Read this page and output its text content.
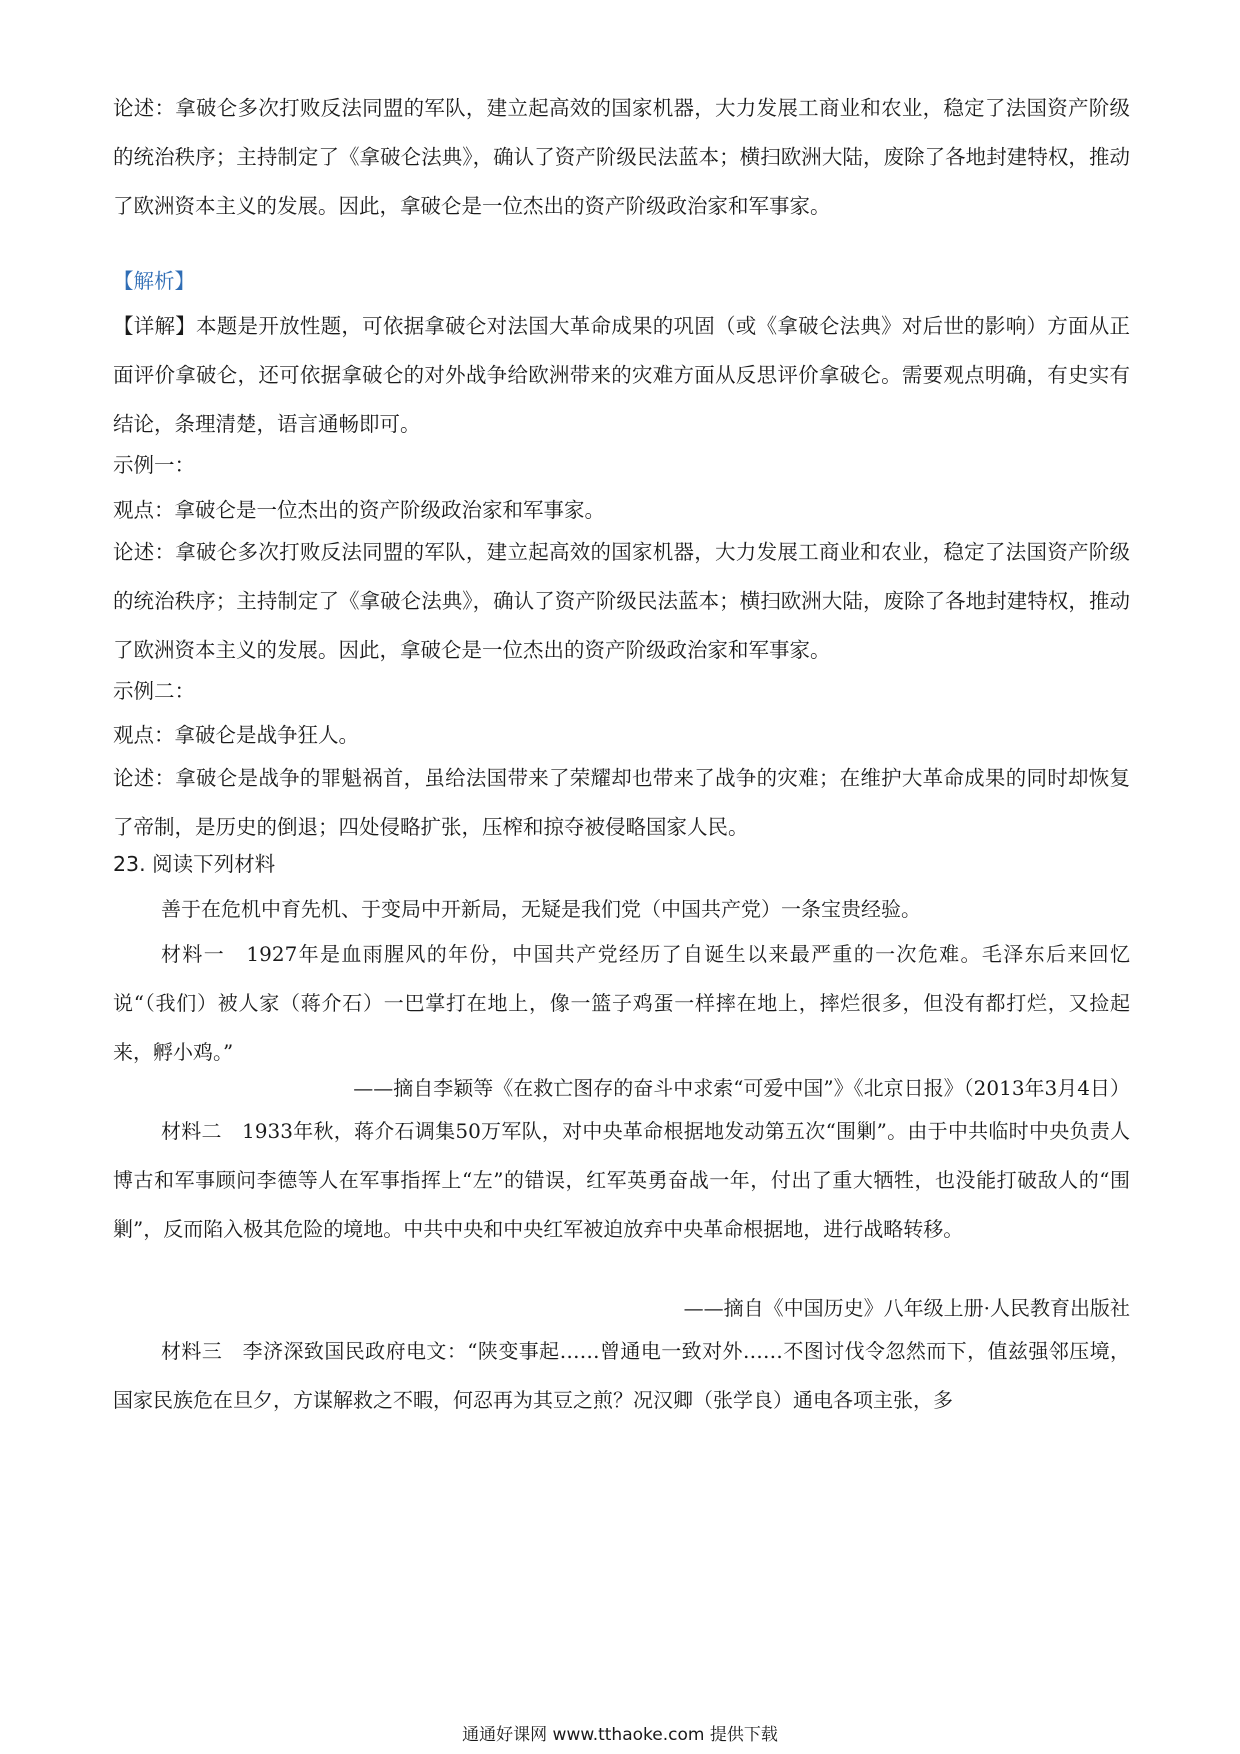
论述：拿破仑多次打败反法同盟的军队，建立起高效的国家机器，大力发展工商业和农业，稳定了法国资产阶级的统治秩序；主持制定了《拿破仑法典》，确认了资产阶级民法蓝本；横扫欧洲大陆，废除了各地封建特权，推动了欧洲资本主义的发展。因此，拿破仑是一位杰出的资产阶级政治家和军事家。

【解析】

【详解】本题是开放性题，可依据拿破仑对法国大革命成果的巩固（或《拿破仑法典》对后世的影响）方面从正面评价拿破仑，还可依据拿破仑的对外战争给欧洲带来的灾难方面从反思评价拿破仑。需要观点明确，有史实有结论，条理清楚，语言通畅即可。

示例一：

观点：拿破仑是一位杰出的资产阶级政治家和军事家。

论述：拿破仑多次打败反法同盟的军队，建立起高效的国家机器，大力发展工商业和农业，稳定了法国资产阶级的统治秩序；主持制定了《拿破仑法典》，确认了资产阶级民法蓝本；横扫欧洲大陆，废除了各地封建特权，推动了欧洲资本主义的发展。因此，拿破仑是一位杰出的资产阶级政治家和军事家。

示例二：

观点：拿破仑是战争狂人。

论述：拿破仑是战争的罪魁祸首，虽给法国带来了荣耀却也带来了战争的灾难；在维护大革命成果的同时却恢复了帝制，是历史的倒退；四处侵略扩张，压榨和掠夺被侵略国家人民。

23. 阅读下列材料

善于在危机中育先机、于变局中开新局，无疑是我们党（中国共产党）一条宝贵经验。

材料一　1927年是血雨腥风的年份，中国共产党经历了自诞生以来最严重的一次危难。毛泽东后来回忆说“（我们）被人家（蒋介石）一巴掌打在地上，像一篮子鸡蛋一样摔在地上，摔烂很多，但没有都打烂，又捡起来，孵小鸡。”

——摘自李颖等《在救亡图存的奋斗中求索“可爱中国”》《北京日报》（2013年3月4日）

材料二　1933年秋，蒋介石调集50万军队，对中央革命根据地发动第五次“围剿”。由于中共临时中央负责人博古和军事顾问李德等人在军事指挥上“左”的错误，红军英勇奋战一年，付出了重大牺牲，也没能打破敌人的“围剿”，反而陷入极其危险的境地。中共中央和中央红军被迫放弃中央革命根据地，进行战略转移。

——摘自《中国历史》八年级上册·人民教育出版社

材料三　李济深致国民政府电文：“陕变事起……曾通电一致对外……不图讨伐令忽然而下，值兹强邻压境，国家民族危在旦夕，方谋解救之不暇，何忍再为其豆之煎？况汉卿（张学良）通电各项主张，多

通通好课网 www.tthaoke.com 提供下载
